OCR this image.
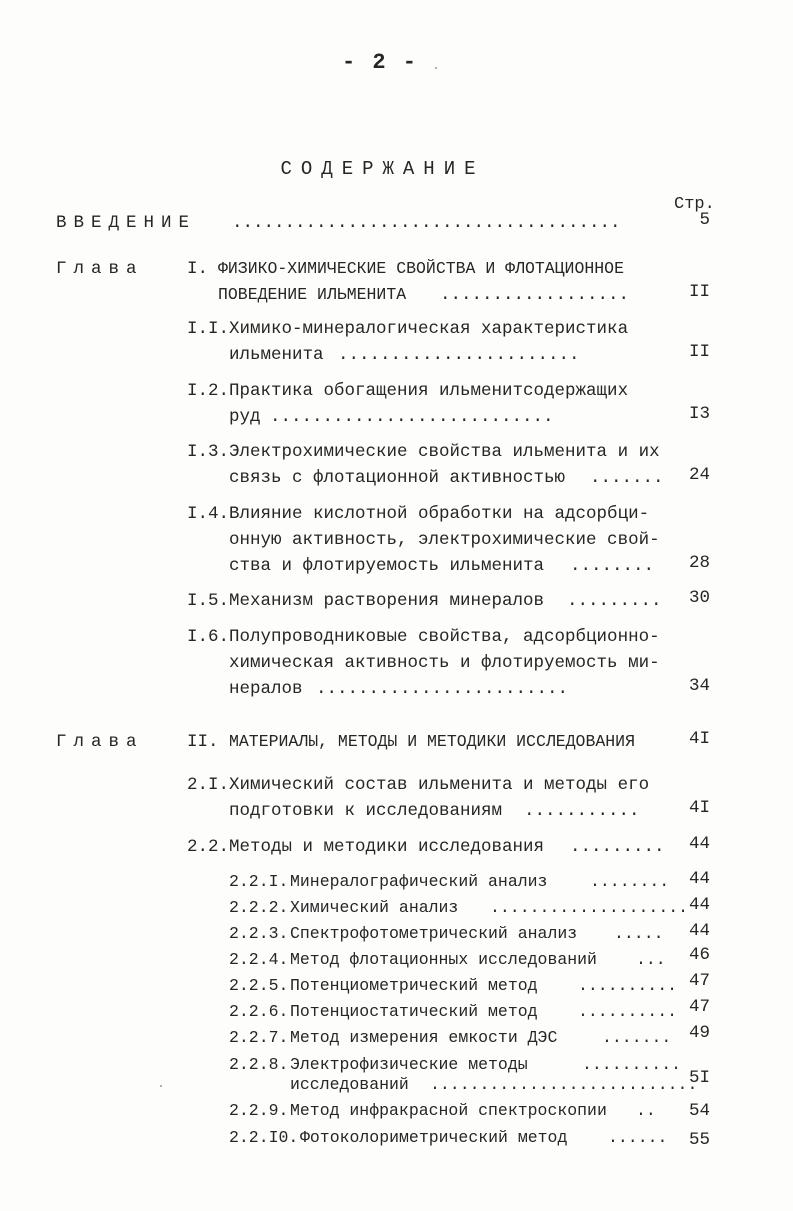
- 2 -
СОДЕРЖАНИЕ
Стр.
ВВЕДЕНИЕ .....................................	5
Глава I. ФИЗИКО-ХИМИЧЕСКИЕ СВОЙСТВА И ФЛОТАЦИОННОЕ
ПОВЕДЕНИЕ ИЛЬМЕНИТА ..................	II
I.I. Химико-минералогическая характеристика
ильменита .......................	II
I.2. Практика обогащения ильменитсодержащих
руд ...........................	I3
I.3. Электрохимические свойства ильменита и их
связь с флотационной активностью .......	24
I.4. Влияние кислотной обработки на адсорбци-
онную активность, электрохимические свой-
ства и флотируемость ильменита ........	28
I.5. Механизм растворения минералов .........	30
I.6. Полупроводниковые свойства, адсорбционно-
химическая активность и флотируемость ми-
нералов ........................	34
Глава II. МАТЕРИАЛЫ, МЕТОДЫ И МЕТОДИКИ ИССЛЕДОВАНИЯ	4I
2.I. Химический состав ильменита и методы его
подготовки к исследованиям ...........	4I
2.2. Методы и методики исследования .........	44
2.2.I. Минералографический анализ	........	44
2.2.2. Химический анализ .................... 44
2.2.3. Спектрофотометрический анализ .....	44
2.2.4. Метод флотационных исследований ...	46
2.2.5. Потенциометрический метод .......... 47
2.2.6. Потенциостатический метод .......... 47
2.2.7. Метод измерения емкости ДЭС	.......	49
2.2.8. Электрофизические методы	..........
исследований ...........................
5I
2.2.9. Метод инфракрасной спектроскопии ..	54
2.2.I0. Фотоколориметрический метод ......	55
